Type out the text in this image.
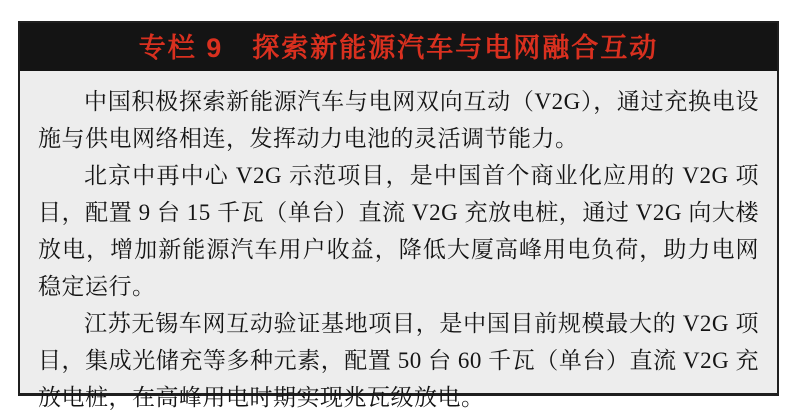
专栏 9　探索新能源汽车与电网融合互动

中国积极探索新能源汽车与电网双向互动（V2G），通过充换电设施与供电网络相连，发挥动力电池的灵活调节能力。

北京中再中心 V2G 示范项目，是中国首个商业化应用的 V2G 项目，配置 9 台 15 千瓦（单台）直流 V2G 充放电桩，通过 V2G 向大楼放电，增加新能源汽车用户收益，降低大厦高峰用电负荷，助力电网稳定运行。

江苏无锡车网互动验证基地项目，是中国目前规模最大的 V2G 项目，集成光储充等多种元素，配置 50 台 60 千瓦（单台）直流 V2G 充放电桩，在高峰用电时期实现兆瓦级放电。
